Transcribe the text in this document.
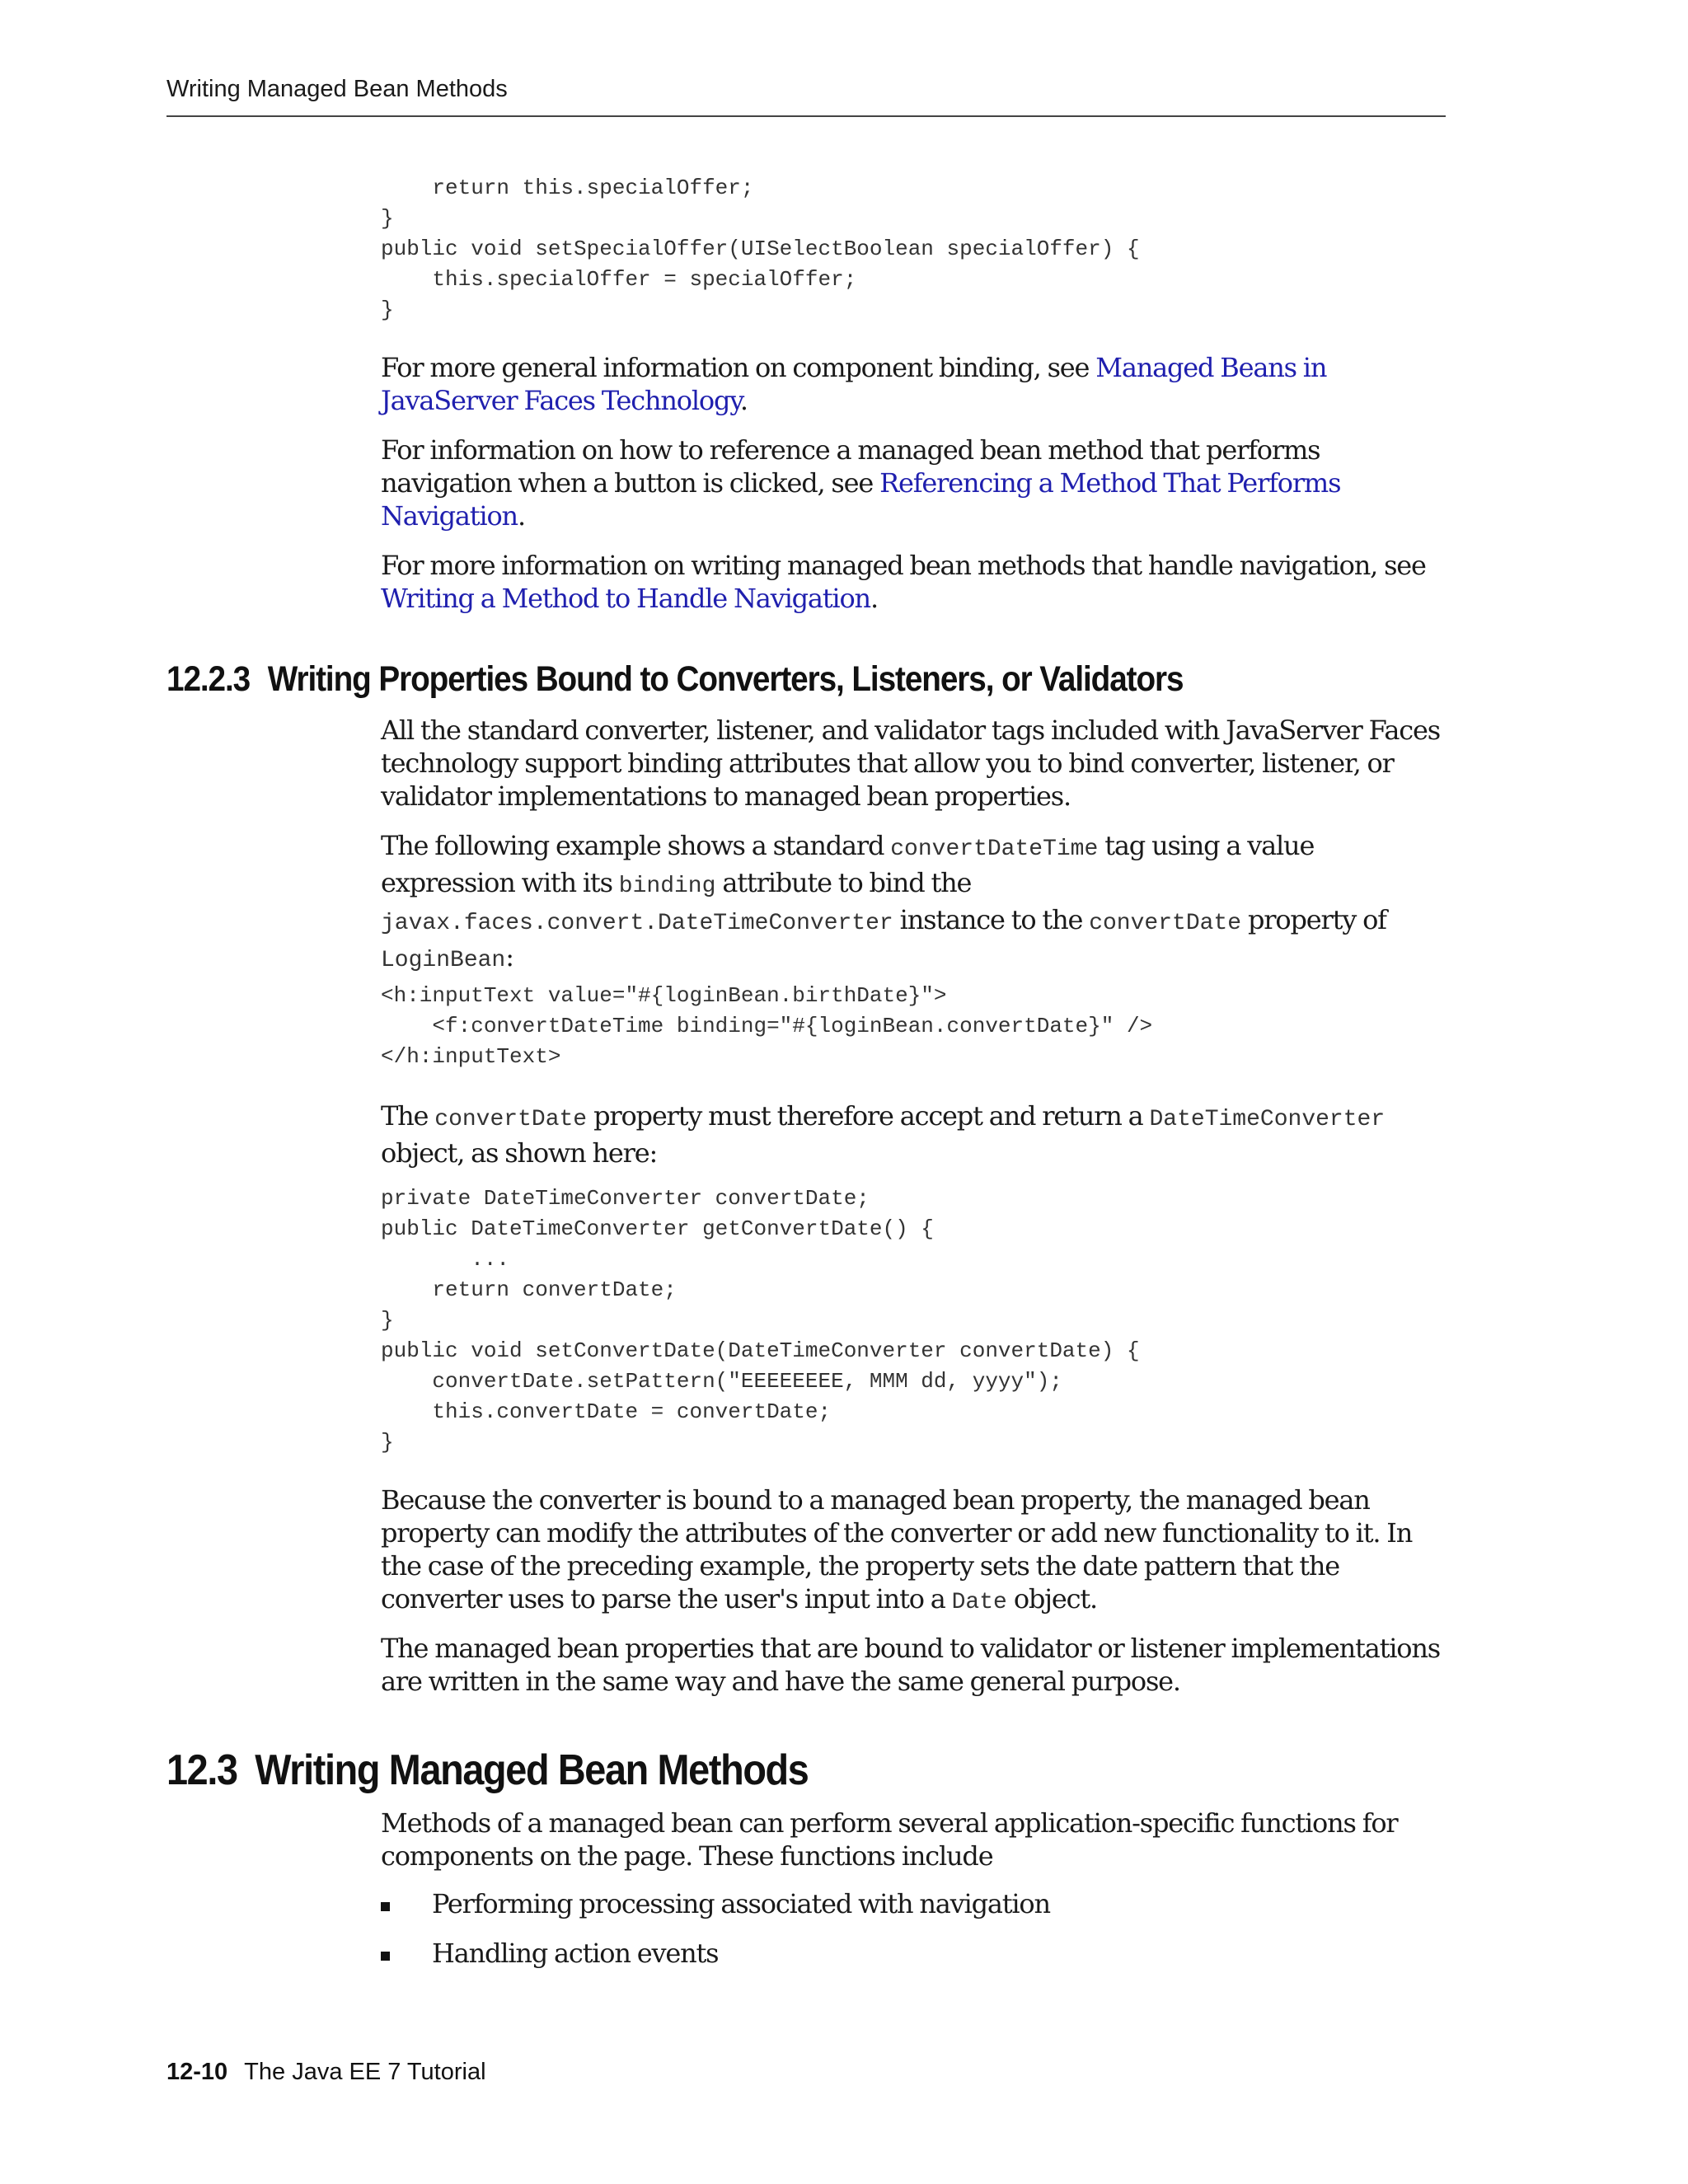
Writing Managed Bean Methods
return this.specialOffer;
}
public void setSpecialOffer(UISelectBoolean specialOffer) {
this.specialOffer = specialOffer;
}

For more general information on component binding, see Managed Beans in JavaServer Faces Technology.

For information on how to reference a managed bean method that performs navigation when a button is clicked, see Referencing a Method That Performs Navigation.

For more information on writing managed bean methods that handle navigation, see Writing a Method to Handle Navigation.

12.2.3 Writing Properties Bound to Converters, Listeners, or Validators

All the standard converter, listener, and validator tags included with JavaServer Faces technology support binding attributes that allow you to bind converter, listener, or validator implementations to managed bean properties.

The following example shows a standard convertDateTime tag using a value expression with its binding attribute to bind the javax.faces.convert.DateTimeConverter instance to the convertDate property of LoginBean:

<h:inputText value="#{loginBean.birthDate}">
<f:convertDateTime binding="#{loginBean.convertDate}" />
</h:inputText>

The convertDate property must therefore accept and return a DateTimeConverter object, as shown here:

private DateTimeConverter convertDate;
public DateTimeConverter getConvertDate() {
...
return convertDate;
}
public void setConvertDate(DateTimeConverter convertDate) {
convertDate.setPattern("EEEEEEEE, MMM dd, yyyy");
this.convertDate = convertDate;
}

Because the converter is bound to a managed bean property, the managed bean property can modify the attributes of the converter or add new functionality to it. In the case of the preceding example, the property sets the date pattern that the converter uses to parse the user's input into a Date object.

The managed bean properties that are bound to validator or listener implementations are written in the same way and have the same general purpose.

12.3 Writing Managed Bean Methods

Methods of a managed bean can perform several application-specific functions for components on the page. These functions include

Performing processing associated with navigation
Handling action events
12-10 The Java EE 7 Tutorial
